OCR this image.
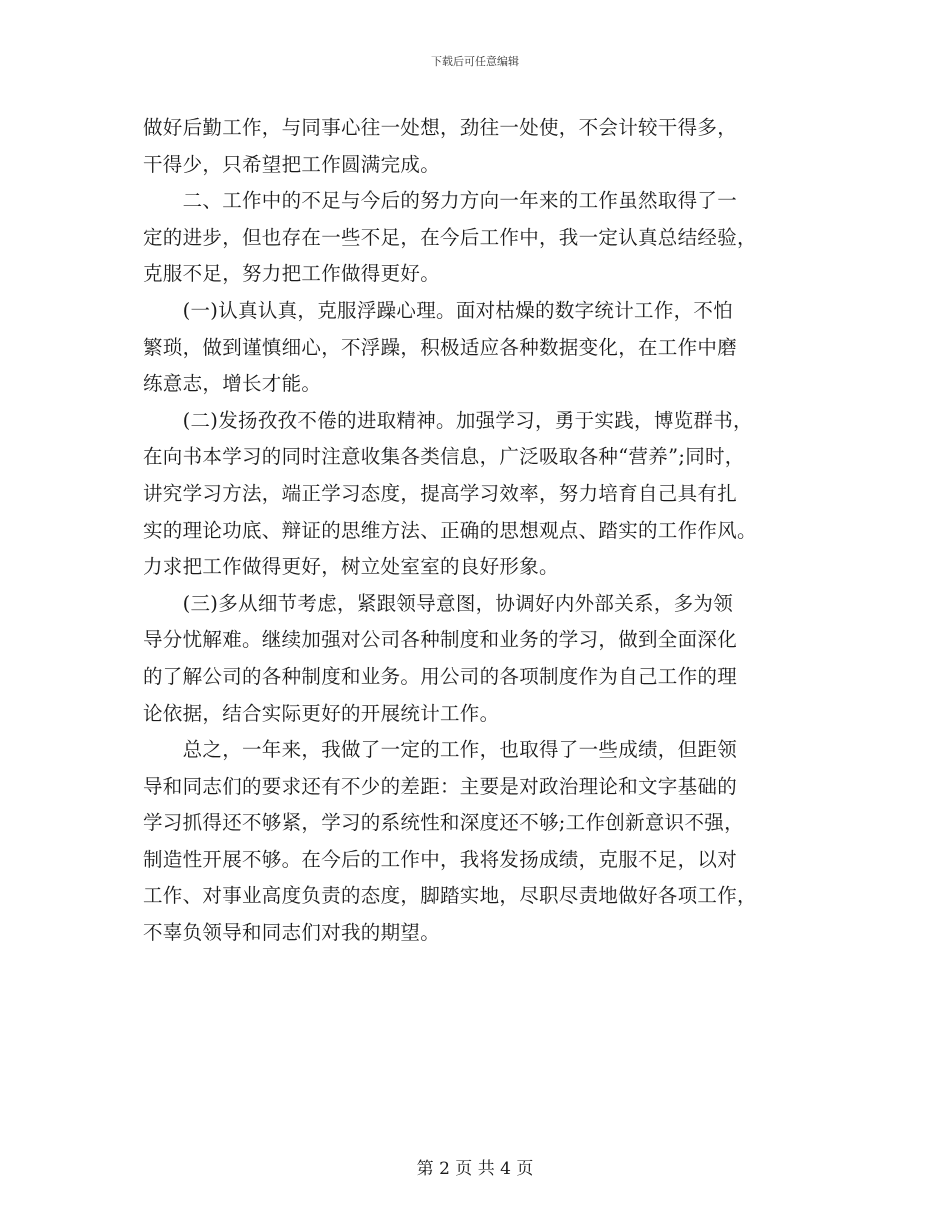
下载后可任意编辑
做好后勤工作，与同事心往一处想，劲往一处使，不会计较干得多，
干得少，只希望把工作圆满完成。
　　二、工作中的不足与今后的努力方向一年来的工作虽然取得了一
定的进步，但也存在一些不足，在今后工作中，我一定认真总结经验，
克服不足，努力把工作做得更好。
　　(一)认真认真，克服浮躁心理。面对枯燥的数字统计工作，不怕
繁琐，做到谨慎细心，不浮躁，积极适应各种数据变化，在工作中磨
练意志，增长才能。
　　(二)发扬孜孜不倦的进取精神。加强学习，勇于实践，博览群书，
在向书本学习的同时注意收集各类信息，广泛吸取各种“营养”;同时，
讲究学习方法，端正学习态度，提高学习效率，努力培育自己具有扎
实的理论功底、辩证的思维方法、正确的思想观点、踏实的工作作风。
力求把工作做得更好，树立处室室的良好形象。
　　(三)多从细节考虑，紧跟领导意图，协调好内外部关系，多为领
导分忧解难。继续加强对公司各种制度和业务的学习，做到全面深化
的了解公司的各种制度和业务。用公司的各项制度作为自己工作的理
论依据，结合实际更好的开展统计工作。
　　总之，一年来，我做了一定的工作，也取得了一些成绩，但距领
导和同志们的要求还有不少的差距：主要是对政治理论和文字基础的
学习抓得还不够紧，学习的系统性和深度还不够;工作创新意识不强，
制造性开展不够。在今后的工作中，我将发扬成绩，克服不足，以对
工作、对事业高度负责的态度，脚踏实地，尽职尽责地做好各项工作，
不辜负领导和同志们对我的期望。
第 2 页 共 4 页
